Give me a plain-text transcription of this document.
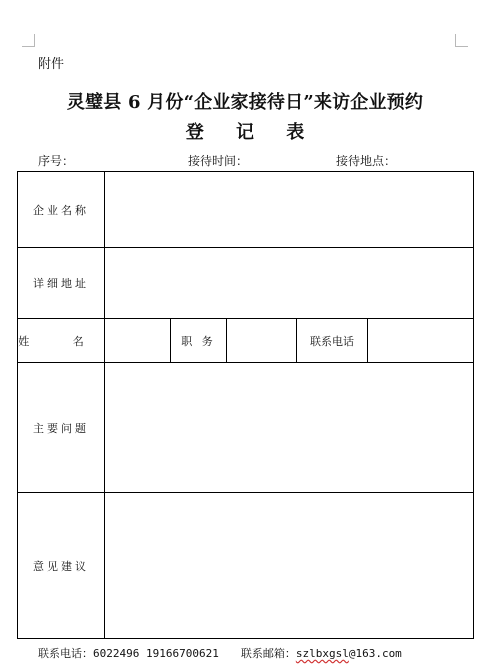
附件
灵璧县 6 月份“企业家接待日”来访企业预约
登 记 表
序号：	接待时间：	接待地点：
企业名称					
详细地址					
姓 名		职 务		联系电话	
主要问题					
意见建议					
联系电话：6022496 19166700621 联系邮箱：szlbxgsl@163.com
